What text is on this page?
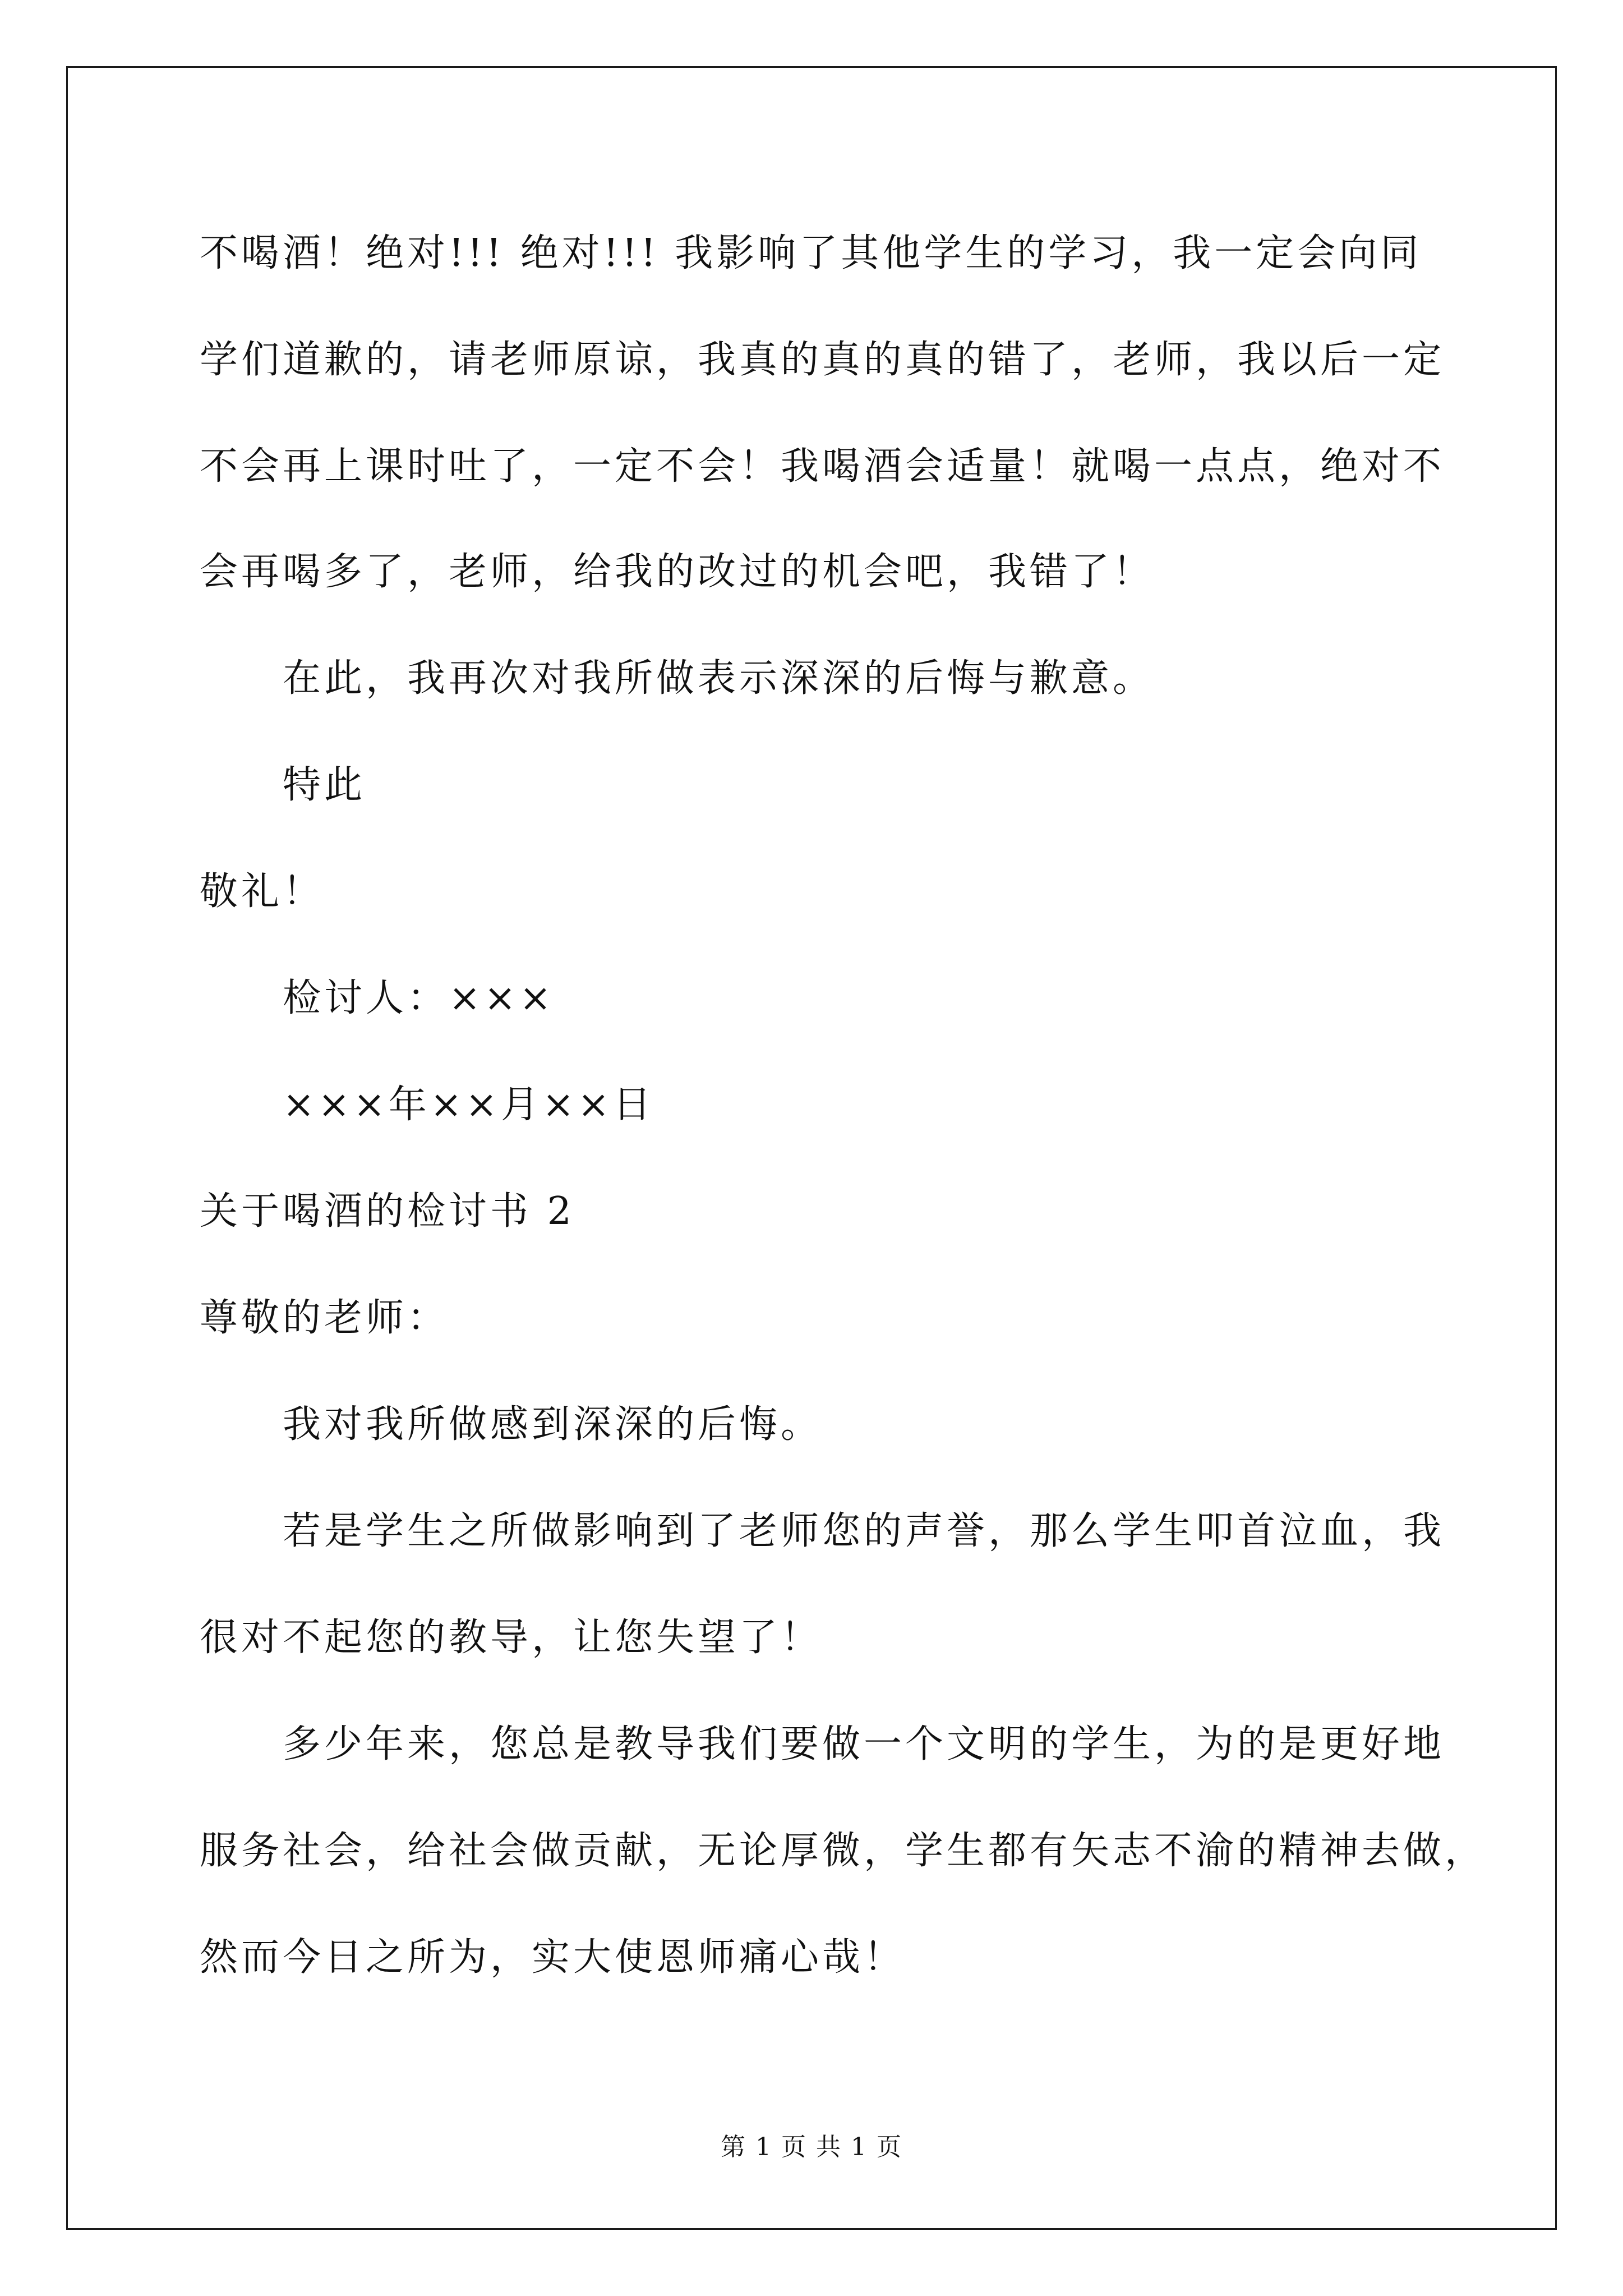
不喝酒！绝对!!! 绝对!!! 我影响了其他学生的学习，我一定会向同
学们道歉的，请老师原谅，我真的真的真的错了，老师，我以后一定
不会再上课时吐了，一定不会！我喝酒会适量！就喝一点点，绝对不
会再喝多了，老师，给我的改过的机会吧，我错了！
在此，我再次对我所做表示深深的后悔与歉意。
特此
敬礼！
检讨人：×××
×××年××月××日
关于喝酒的检讨书 2
尊敬的老师：
我对我所做感到深深的后悔。
若是学生之所做影响到了老师您的声誉，那么学生叩首泣血，我
很对不起您的教导，让您失望了！
多少年来，您总是教导我们要做一个文明的学生，为的是更好地
服务社会，给社会做贡献，无论厚微，学生都有矢志不渝的精神去做，
然而今日之所为，实大使恩师痛心哉！
第 1 页 共 1 页
